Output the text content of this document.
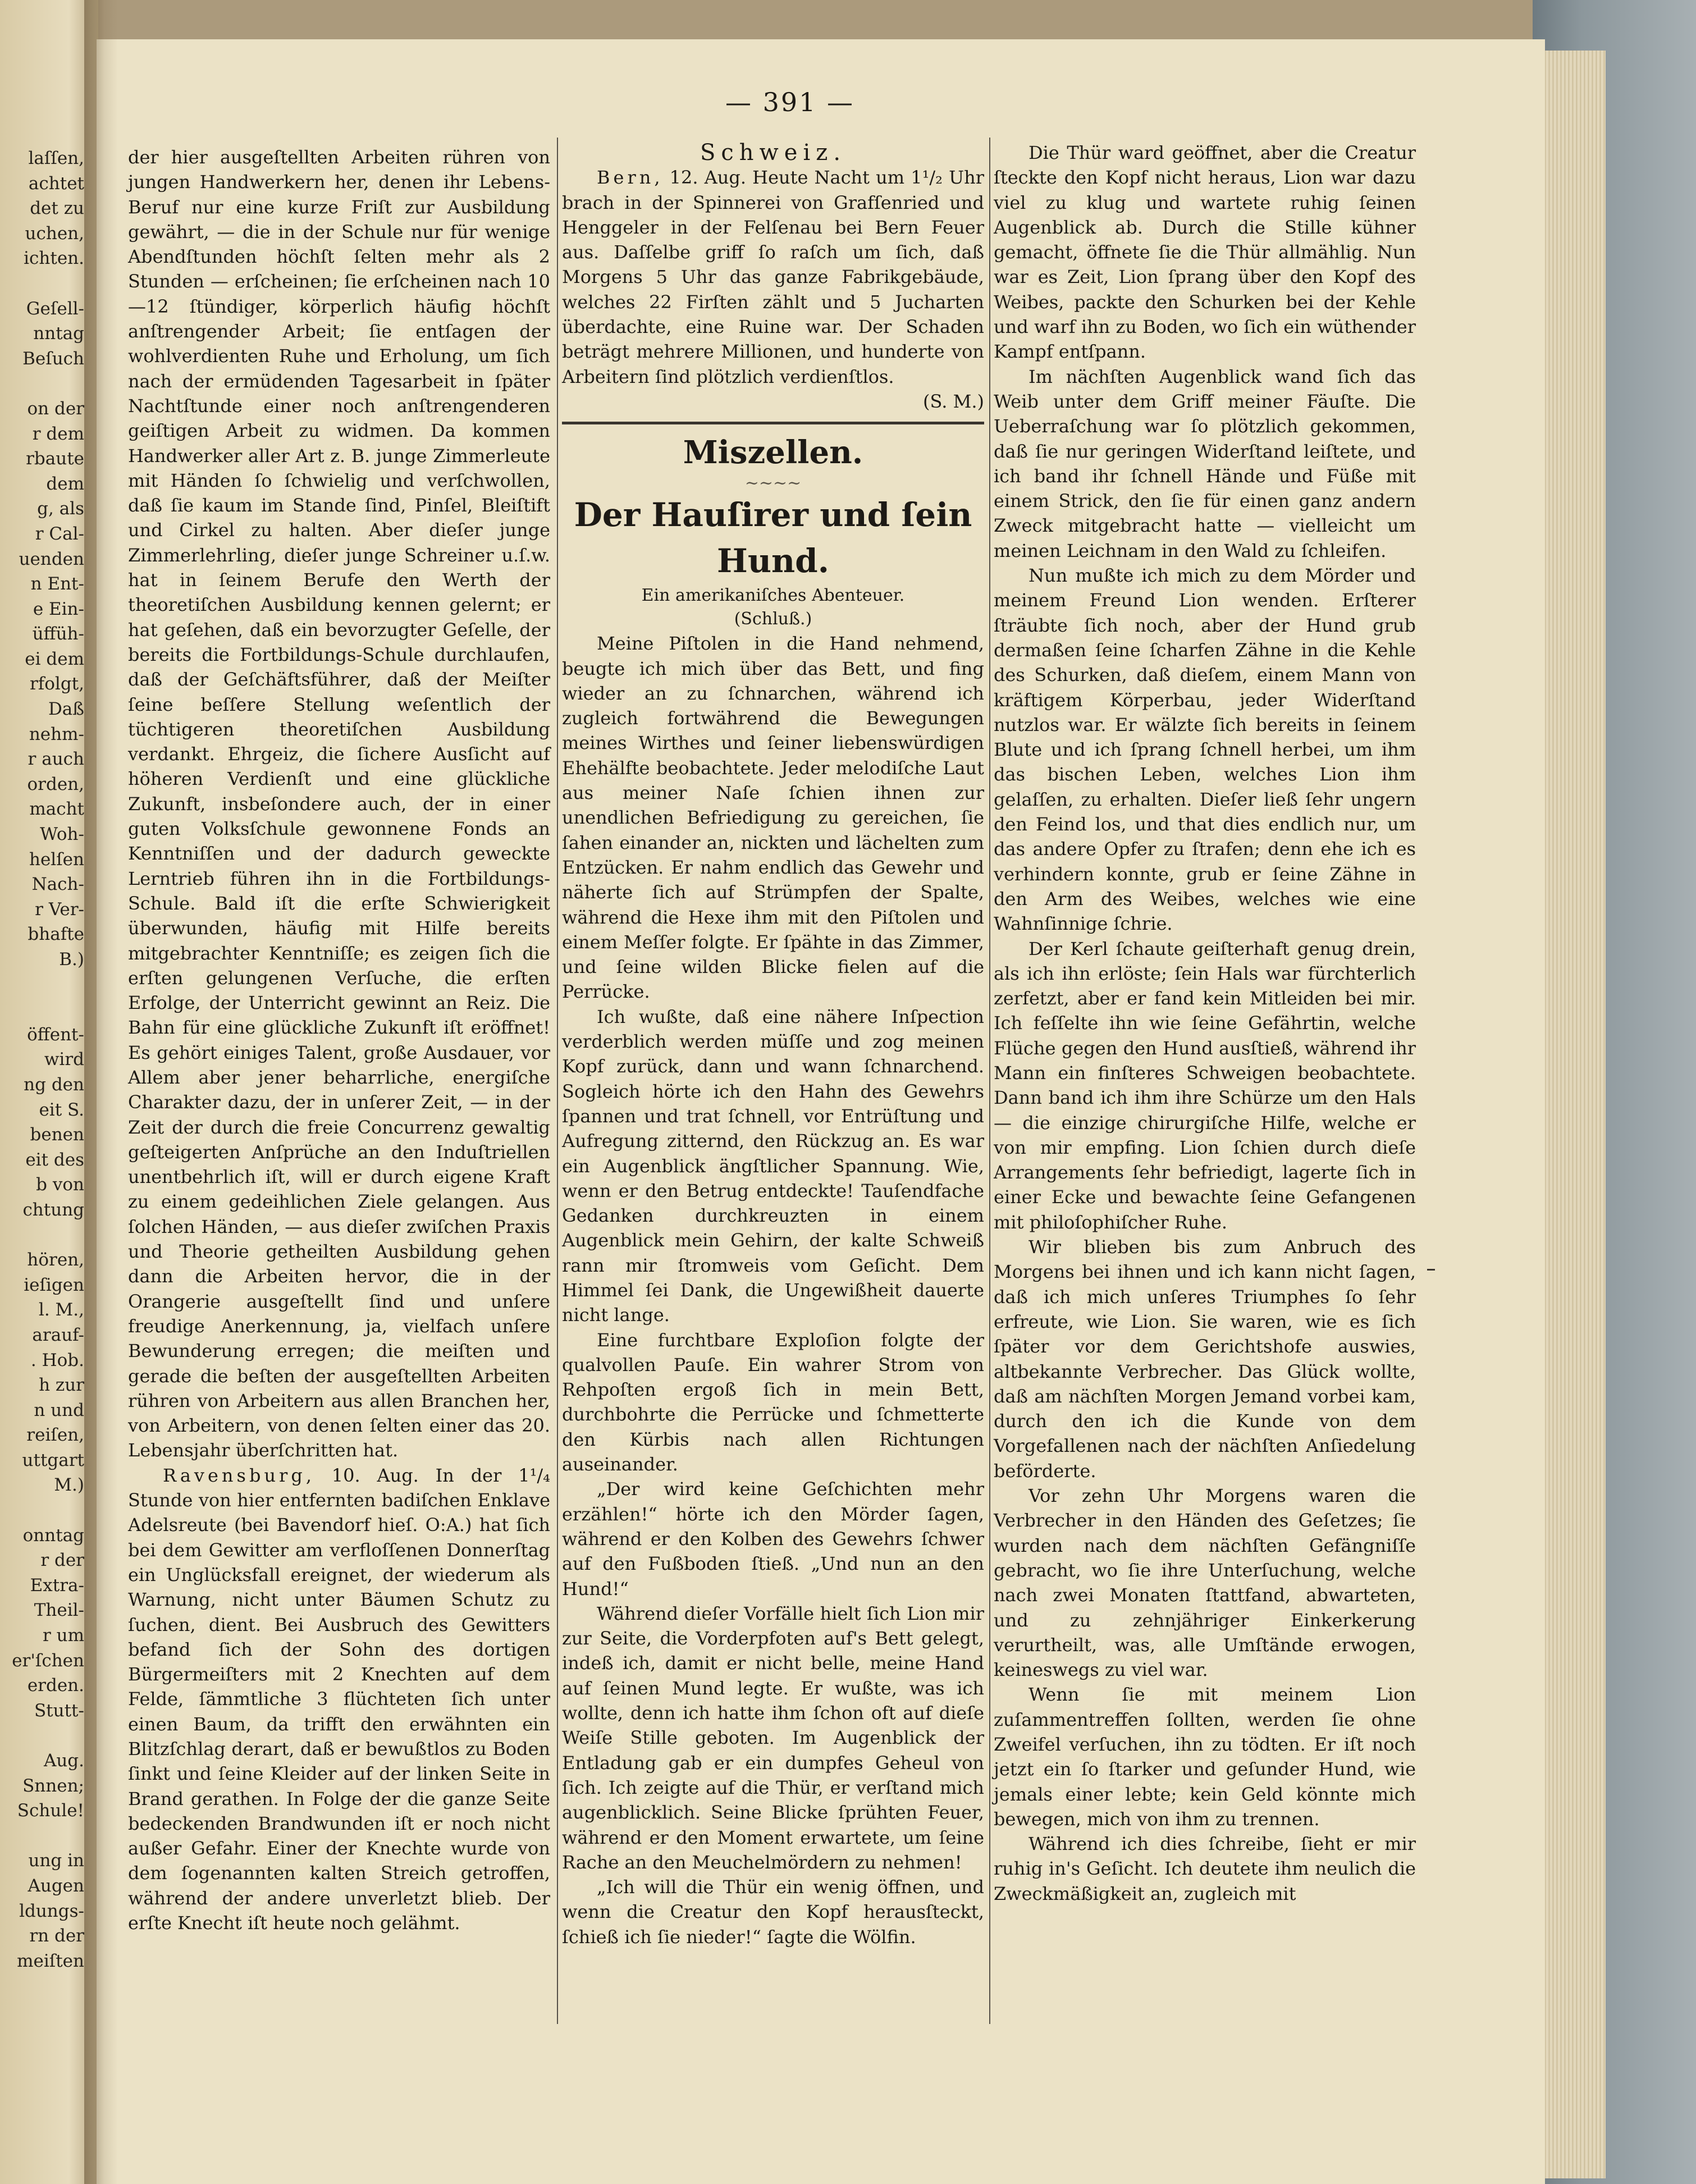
laſſen,
achtet
det zu
uchen,
ichten.

Geſell-
nntag
Beſuch

on der
r dem
rbaute
dem
g, als
r Cal-
uenden
n Ent-
e Ein-
üffüh-
ei dem
rfolgt,
Daß
nehm-
r auch
orden,
macht
Woh-
helſen
Nach-
r Ver-
bhafte
B.)

öffent-
wird
ng den
eit S.
benen
eit des
b von
chtung

hören,
ieſigen
l. M.,
arauf-
. Hob.
h zur
n und
reiſen,
uttgart
M.)

onntag
r der
Extra-
Theil-
r um
er'ſchen
erden.
Stutt-

Aug.
Snnen;
Schule!

ung in
Augen
ldungs-
rn der
meiſten
— 391 —

der hier ausgeſtellten Arbeiten rühren von jungen Handwerkern her, denen ihr Lebens-Beruf nur eine kurze Friſt zur Ausbildung gewährt, — die in der Schule nur für wenige Abendſtunden höchſt ſelten mehr als 2 Stunden — erſcheinen; ſie erſcheinen nach 10—12 ſtündiger, körperlich häufig höchſt anſtrengender Arbeit; ſie entſagen der wohlverdienten Ruhe und Erholung, um ſich nach der ermüdenden Tagesarbeit in ſpäter Nachtſtunde einer noch anſtrengenderen geiſtigen Arbeit zu widmen. Da kommen Handwerker aller Art z. B. junge Zimmerleute mit Händen ſo ſchwielig und verſchwollen, daß ſie kaum im Stande ſind, Pinſel, Bleiſtift und Cirkel zu halten. Aber dieſer junge Zimmerlehrling, dieſer junge Schreiner u.ſ.w. hat in ſeinem Berufe den Werth der theoretiſchen Ausbildung kennen gelernt; er hat geſehen, daß ein bevorzugter Geſelle, der bereits die Fortbildungs-Schule durchlaufen, daß der Geſchäftsführer, daß der Meiſter ſeine beſſere Stellung weſentlich der tüchtigeren theoretiſchen Ausbildung verdankt. Ehrgeiz, die ſichere Ausſicht auf höheren Verdienſt und eine glückliche Zukunft, insbeſondere auch, der in einer guten Volksſchule gewonnene Fonds an Kenntniſſen und der dadurch geweckte Lerntrieb führen ihn in die Fortbildungs-Schule. Bald iſt die erſte Schwierigkeit überwunden, häufig mit Hilfe bereits mitgebrachter Kenntniſſe; es zeigen ſich die erſten gelungenen Verſuche, die erſten Erfolge, der Unterricht gewinnt an Reiz. Die Bahn für eine glückliche Zukunft iſt eröffnet! Es gehört einiges Talent, große Ausdauer, vor Allem aber jener beharrliche, energiſche Charakter dazu, der in unſerer Zeit, — in der Zeit der durch die freie Concurrenz gewaltig geſteigerten Anſprüche an den Induſtriellen unentbehrlich iſt, will er durch eigene Kraft zu einem gedeihlichen Ziele gelangen. Aus ſolchen Händen, — aus dieſer zwiſchen Praxis und Theorie getheilten Ausbildung gehen dann die Arbeiten hervor, die in der Orangerie ausgeſtellt ſind und unſere freudige Anerkennung, ja, vielfach unſere Bewunderung erregen; die meiſten und gerade die beſten der ausgeſtellten Arbeiten rühren von Arbeitern aus allen Branchen her, von Arbeitern, von denen ſelten einer das 20. Lebensjahr überſchritten hat.

Ravensburg, 10. Aug. In der 1¹/₄ Stunde von hier entfernten badiſchen Enklave Adelsreute (bei Bavendorf hieſ. O:A.) hat ſich bei dem Gewitter am verfloſſenen Donnerſtag ein Unglücksfall ereignet, der wiederum als Warnung, nicht unter Bäumen Schutz zu ſuchen, dient. Bei Ausbruch des Gewitters befand ſich der Sohn des dortigen Bürgermeiſters mit 2 Knechten auf dem Felde, ſämmtliche 3 flüchteten ſich unter einen Baum, da trifft den erwähnten ein Blitzſchlag derart, daß er bewußtlos zu Boden ſinkt und ſeine Kleider auf der linken Seite in Brand gerathen. In Folge der die ganze Seite bedeckenden Brandwunden iſt er noch nicht außer Gefahr. Einer der Knechte wurde von dem ſogenannten kalten Streich getroffen, während der andere unverletzt blieb. Der erſte Knecht iſt heute noch gelähmt.

Schweiz.

Bern, 12. Aug. Heute Nacht um 1¹/₂ Uhr brach in der Spinnerei von Grafſenried und Henggeler in der Felſenau bei Bern Feuer aus. Daſſelbe griff ſo raſch um ſich, daß Morgens 5 Uhr das ganze Fabrikgebäude, welches 22 Firſten zählt und 5 Jucharten überdachte, eine Ruine war. Der Schaden beträgt mehrere Millionen, und hunderte von Arbeitern ſind plötzlich verdienſtlos.

(S. M.)

Miszellen.

~~~~

Der Hauſirer und ſein Hund.

Ein amerikaniſches Abenteuer.

(Schluß.)

Meine Piſtolen in die Hand nehmend, beugte ich mich über das Bett, und fing wieder an zu ſchnarchen, während ich zugleich fortwährend die Bewegungen meines Wirthes und ſeiner liebenswürdigen Ehehälfte beobachtete. Jeder melodiſche Laut aus meiner Naſe ſchien ihnen zur unendlichen Befriedigung zu gereichen, ſie ſahen einander an, nickten und lächelten zum Entzücken. Er nahm endlich das Gewehr und näherte ſich auf Strümpfen der Spalte, während die Hexe ihm mit den Piſtolen und einem Meſſer folgte. Er ſpähte in das Zimmer, und ſeine wilden Blicke fielen auf die Perrücke.

Ich wußte, daß eine nähere Inſpection verderblich werden müſſe und zog meinen Kopf zurück, dann und wann ſchnarchend. Sogleich hörte ich den Hahn des Gewehrs ſpannen und trat ſchnell, vor Entrüſtung und Aufregung zitternd, den Rückzug an. Es war ein Augenblick ängſtlicher Spannung. Wie, wenn er den Betrug entdeckte! Tauſendfache Gedanken durchkreuzten in einem Augenblick mein Gehirn, der kalte Schweiß rann mir ſtromweis vom Geſicht. Dem Himmel ſei Dank, die Ungewißheit dauerte nicht lange.

Eine furchtbare Exploſion folgte der qualvollen Pauſe. Ein wahrer Strom von Rehpoſten ergoß ſich in mein Bett, durchbohrte die Perrücke und ſchmetterte den Kürbis nach allen Richtungen auseinander.

„Der wird keine Geſchichten mehr erzählen!“ hörte ich den Mörder ſagen, während er den Kolben des Gewehrs ſchwer auf den Fußboden ſtieß. „Und nun an den Hund!“

Während dieſer Vorfälle hielt ſich Lion mir zur Seite, die Vorderpfoten auf's Bett gelegt, indeß ich, damit er nicht belle, meine Hand auf ſeinen Mund legte. Er wußte, was ich wollte, denn ich hatte ihm ſchon oft auf dieſe Weiſe Stille geboten. Im Augenblick der Entladung gab er ein dumpfes Geheul von ſich. Ich zeigte auf die Thür, er verſtand mich augenblicklich. Seine Blicke ſprühten Feuer, während er den Moment erwartete, um ſeine Rache an den Meuchelmördern zu nehmen!

„Ich will die Thür ein wenig öffnen, und wenn die Creatur den Kopf herausſteckt, ſchieß ich ſie nieder!“ ſagte die Wölfin.

Die Thür ward geöffnet, aber die Creatur ſteckte den Kopf nicht heraus, Lion war dazu viel zu klug und wartete ruhig ſeinen Augenblick ab. Durch die Stille kühner gemacht, öffnete ſie die Thür allmählig. Nun war es Zeit, Lion ſprang über den Kopf des Weibes, packte den Schurken bei der Kehle und warf ihn zu Boden, wo ſich ein wüthender Kampf entſpann.

Im nächſten Augenblick wand ſich das Weib unter dem Griff meiner Fäuſte. Die Ueberraſchung war ſo plötzlich gekommen, daß ſie nur geringen Widerſtand leiſtete, und ich band ihr ſchnell Hände und Füße mit einem Strick, den ſie für einen ganz andern Zweck mitgebracht hatte — vielleicht um meinen Leichnam in den Wald zu ſchleifen.

Nun mußte ich mich zu dem Mörder und meinem Freund Lion wenden. Erſterer ſträubte ſich noch, aber der Hund grub dermaßen ſeine ſcharfen Zähne in die Kehle des Schurken, daß dieſem, einem Mann von kräftigem Körperbau, jeder Widerſtand nutzlos war. Er wälzte ſich bereits in ſeinem Blute und ich ſprang ſchnell herbei, um ihm das bischen Leben, welches Lion ihm gelaſſen, zu erhalten. Dieſer ließ ſehr ungern den Feind los, und that dies endlich nur, um das andere Opfer zu ſtrafen; denn ehe ich es verhindern konnte, grub er ſeine Zähne in den Arm des Weibes, welches wie eine Wahnſinnige ſchrie.

Der Kerl ſchaute geiſterhaft genug drein, als ich ihn erlöste; ſein Hals war fürchterlich zerfetzt, aber er fand kein Mitleiden bei mir. Ich feſſelte ihn wie ſeine Gefährtin, welche Flüche gegen den Hund ausſtieß, während ihr Mann ein finſteres Schweigen beobachtete. Dann band ich ihm ihre Schürze um den Hals — die einzige chirurgiſche Hilfe, welche er von mir empfing. Lion ſchien durch dieſe Arrangements ſehr befriedigt, lagerte ſich in einer Ecke und bewachte ſeine Gefangenen mit philoſophiſcher Ruhe.

Wir blieben bis zum Anbruch des Morgens bei ihnen und ich kann nicht ſagen, daß ich mich unſeres Triumphes ſo ſehr erfreute, wie Lion. Sie waren, wie es ſich ſpäter vor dem Gerichtshofe auswies, altbekannte Verbrecher. Das Glück wollte, daß am nächſten Morgen Jemand vorbei kam, durch den ich die Kunde von dem Vorgefallenen nach der nächſten Anſiedelung beförderte.

Vor zehn Uhr Morgens waren die Verbrecher in den Händen des Geſetzes; ſie wurden nach dem nächſten Gefängniſſe gebracht, wo ſie ihre Unterſuchung, welche nach zwei Monaten ſtattfand, abwarteten, und zu zehnjähriger Einkerkerung verurtheilt, was, alle Umſtände erwogen, keineswegs zu viel war.

Wenn ſie mit meinem Lion zuſammentreffen ſollten, werden ſie ohne Zweifel verſuchen, ihn zu tödten. Er iſt noch jetzt ein ſo ſtarker und geſunder Hund, wie jemals einer lebte; kein Geld könnte mich bewegen, mich von ihm zu trennen.

Während ich dies ſchreibe, ſieht er mir ruhig in's Geſicht. Ich deutete ihm neulich die Zweckmäßigkeit an, zugleich mit
